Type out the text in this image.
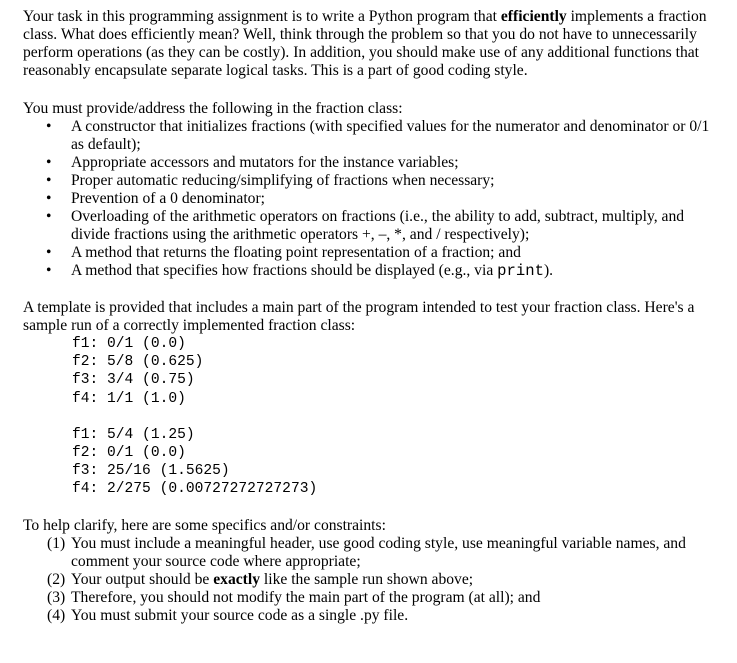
Your task in this programming assignment is to write a Python program that efficiently implements a fraction class. What does efficiently mean? Well, think through the problem so that you do not have to unnecessarily perform operations (as they can be costly). In addition, you should make use of any additional functions that reasonably encapsulate separate logical tasks. This is a part of good coding style.

You must provide/address the following in the fraction class:

• A constructor that initializes fractions (with specified values for the numerator and denominator or 0/1 as default);
• Appropriate accessors and mutators for the instance variables;
• Proper automatic reducing/simplifying of fractions when necessary;
• Prevention of a 0 denominator;
• Overloading of the arithmetic operators on fractions (i.e., the ability to add, subtract, multiply, and divide fractions using the arithmetic operators +, –, *, and / respectively);
• A method that returns the floating point representation of a fraction; and
• A method that specifies how fractions should be displayed (e.g., via print).

A template is provided that includes a main part of the program intended to test your fraction class. Here's a sample run of a correctly implemented fraction class:

f1: 0/1 (0.0)
f2: 5/8 (0.625)
f3: 3/4 (0.75)
f4: 1/1 (1.0)
f1: 5/4 (1.25)
f2: 0/1 (0.0)
f3: 25/16 (1.5625)
f4: 2/275 (0.00727272727273)

To help clarify, here are some specifics and/or constraints:

(1) You must include a meaningful header, use good coding style, use meaningful variable names, and comment your source code where appropriate;
(2) Your output should be exactly like the sample run shown above;
(3) Therefore, you should not modify the main part of the program (at all); and
(4) You must submit your source code as a single .py file.
